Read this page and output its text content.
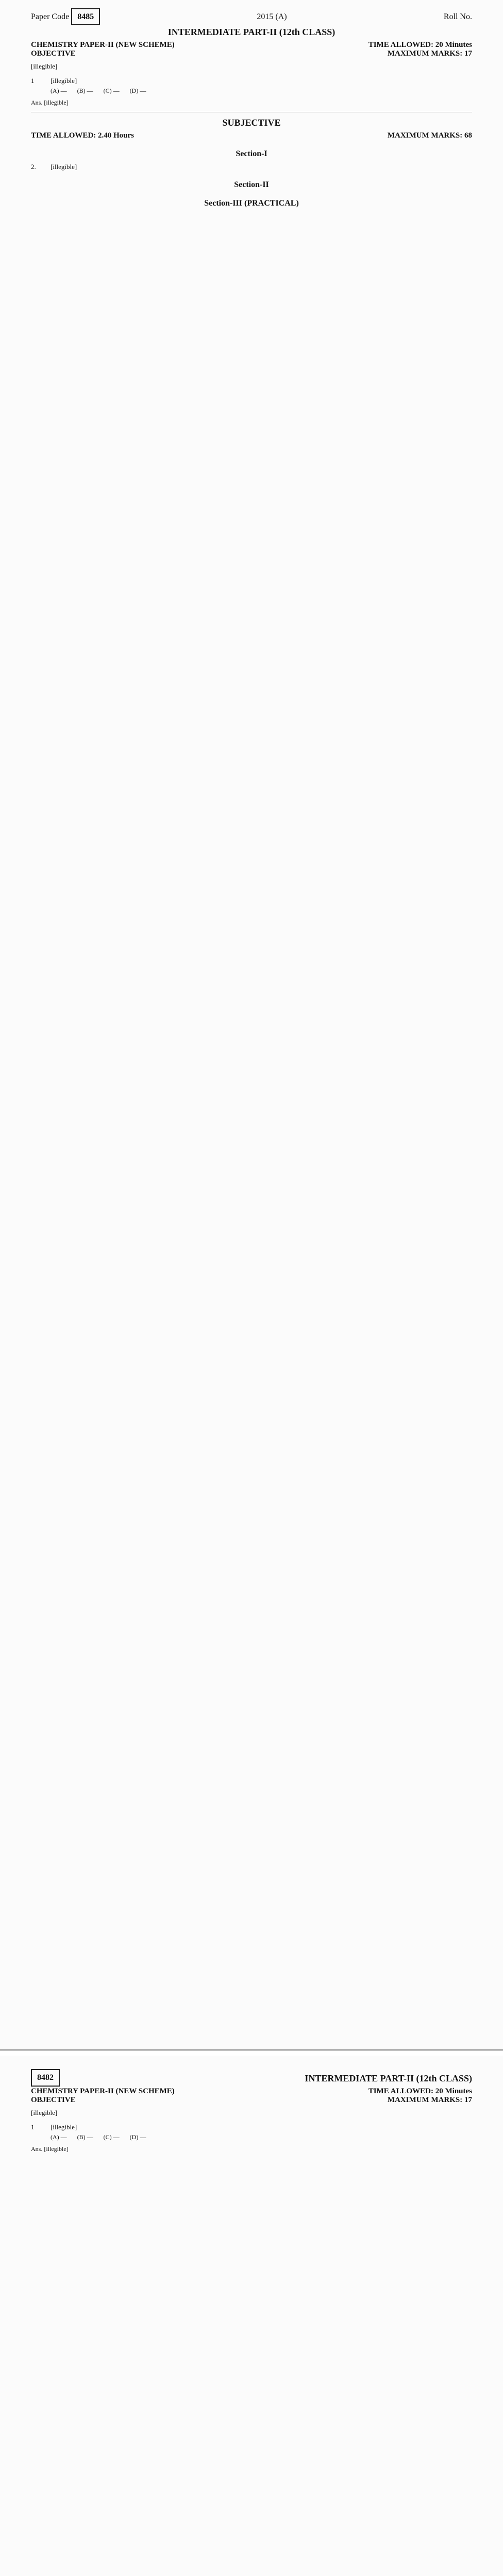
Paper Code 8485	2015 (A)	Roll No.
INTERMEDIATE PART-II (12th CLASS)
CHEMISTRY PAPER-II (NEW SCHEME)	TIME ALLOWED: 20 Minutes
OBJECTIVE	MAXIMUM MARKS: 17
[illegible]
1	[illegible]
(A) — (B) — (C) — (D) —
Ans. [illegible]
SUBJECTIVE
TIME ALLOWED: 2.40 Hours	MAXIMUM MARKS: 68
Section-I
2.	[illegible]
Section-II
Section-III (PRACTICAL)
8482	INTERMEDIATE PART-II (12th CLASS)
CHEMISTRY PAPER-II (NEW SCHEME)	TIME ALLOWED: 20 Minutes
OBJECTIVE	MAXIMUM MARKS: 17
[illegible]
1	[illegible]
(A) — (B) — (C) — (D) —
Ans. [illegible]
